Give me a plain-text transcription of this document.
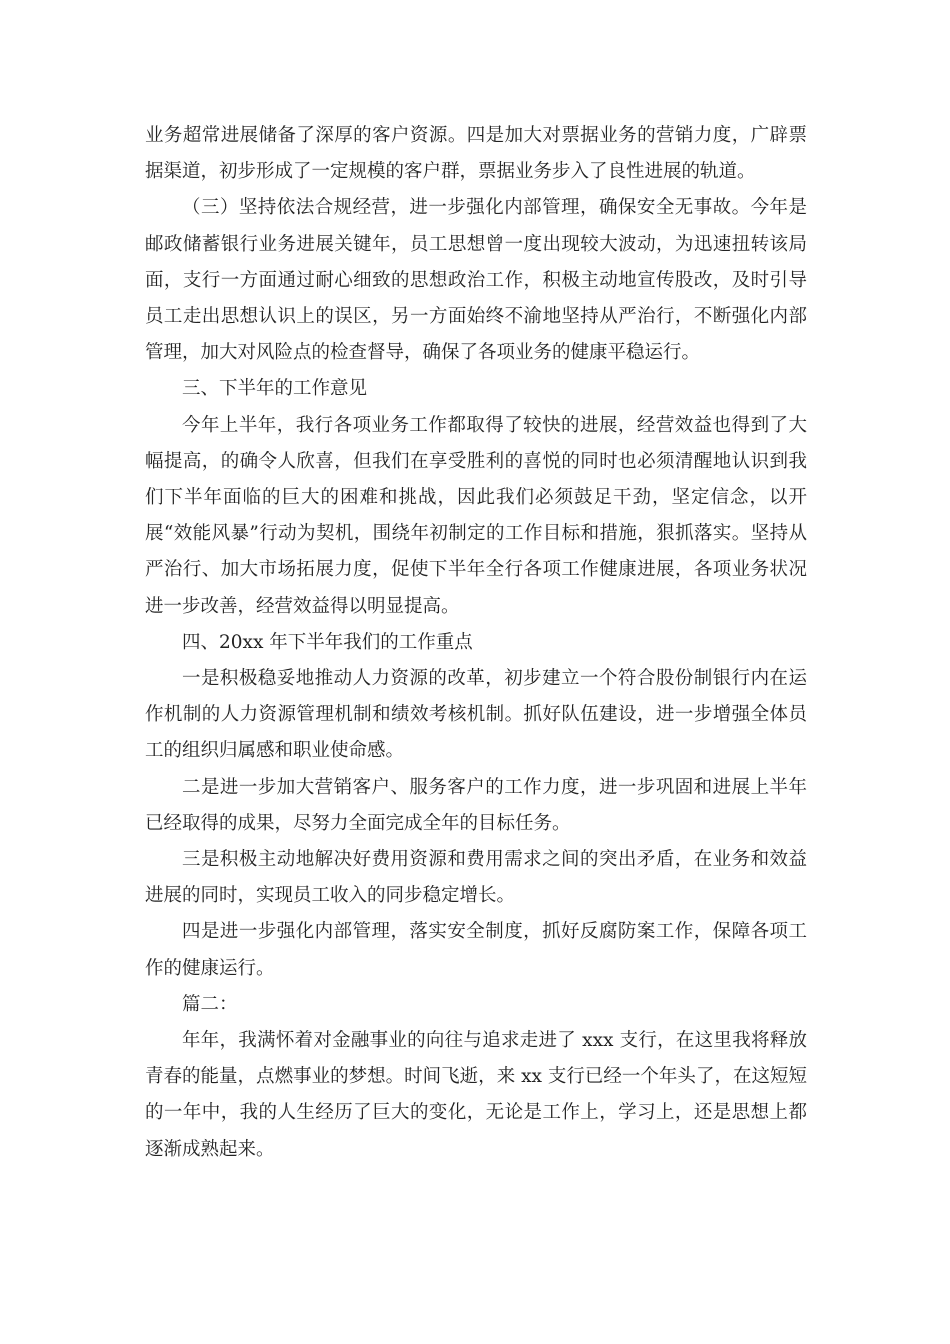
业务超常进展储备了深厚的客户资源。四是加大对票据业务的营销力度，广辟票据渠道，初步形成了一定规模的客户群，票据业务步入了良性进展的轨道。

（三）坚持依法合规经营，进一步强化内部管理，确保安全无事故。今年是邮政储蓄银行业务进展关键年，员工思想曾一度出现较大波动，为迅速扭转该局面，支行一方面通过耐心细致的思想政治工作，积极主动地宣传股改，及时引导员工走出思想认识上的误区，另一方面始终不渝地坚持从严治行，不断强化内部管理，加大对风险点的检查督导，确保了各项业务的健康平稳运行。

三、下半年的工作意见

今年上半年，我行各项业务工作都取得了较快的进展，经营效益也得到了大幅提高，的确令人欣喜，但我们在享受胜利的喜悦的同时也必须清醒地认识到我们下半年面临的巨大的困难和挑战，因此我们必须鼓足干劲，坚定信念，以开展“效能风暴”行动为契机，围绕年初制定的工作目标和措施，狠抓落实。坚持从严治行、加大市场拓展力度，促使下半年全行各项工作健康进展，各项业务状况进一步改善，经营效益得以明显提高。

四、20xx 年下半年我们的工作重点

一是积极稳妥地推动人力资源的改革，初步建立一个符合股份制银行内在运作机制的人力资源管理机制和绩效考核机制。抓好队伍建设，进一步增强全体员工的组织归属感和职业使命感。

二是进一步加大营销客户、服务客户的工作力度，进一步巩固和进展上半年已经取得的成果，尽努力全面完成全年的目标任务。

三是积极主动地解决好费用资源和费用需求之间的突出矛盾，在业务和效益进展的同时，实现员工收入的同步稳定增长。

四是进一步强化内部管理，落实安全制度，抓好反腐防案工作，保障各项工作的健康运行。

篇二：

年年，我满怀着对金融事业的向往与追求走进了 xxx 支行，在这里我将释放青春的能量，点燃事业的梦想。时间飞逝，来 xx 支行已经一个年头了，在这短短的一年中，我的人生经历了巨大的变化，无论是工作上，学习上，还是思想上都逐渐成熟起来。
